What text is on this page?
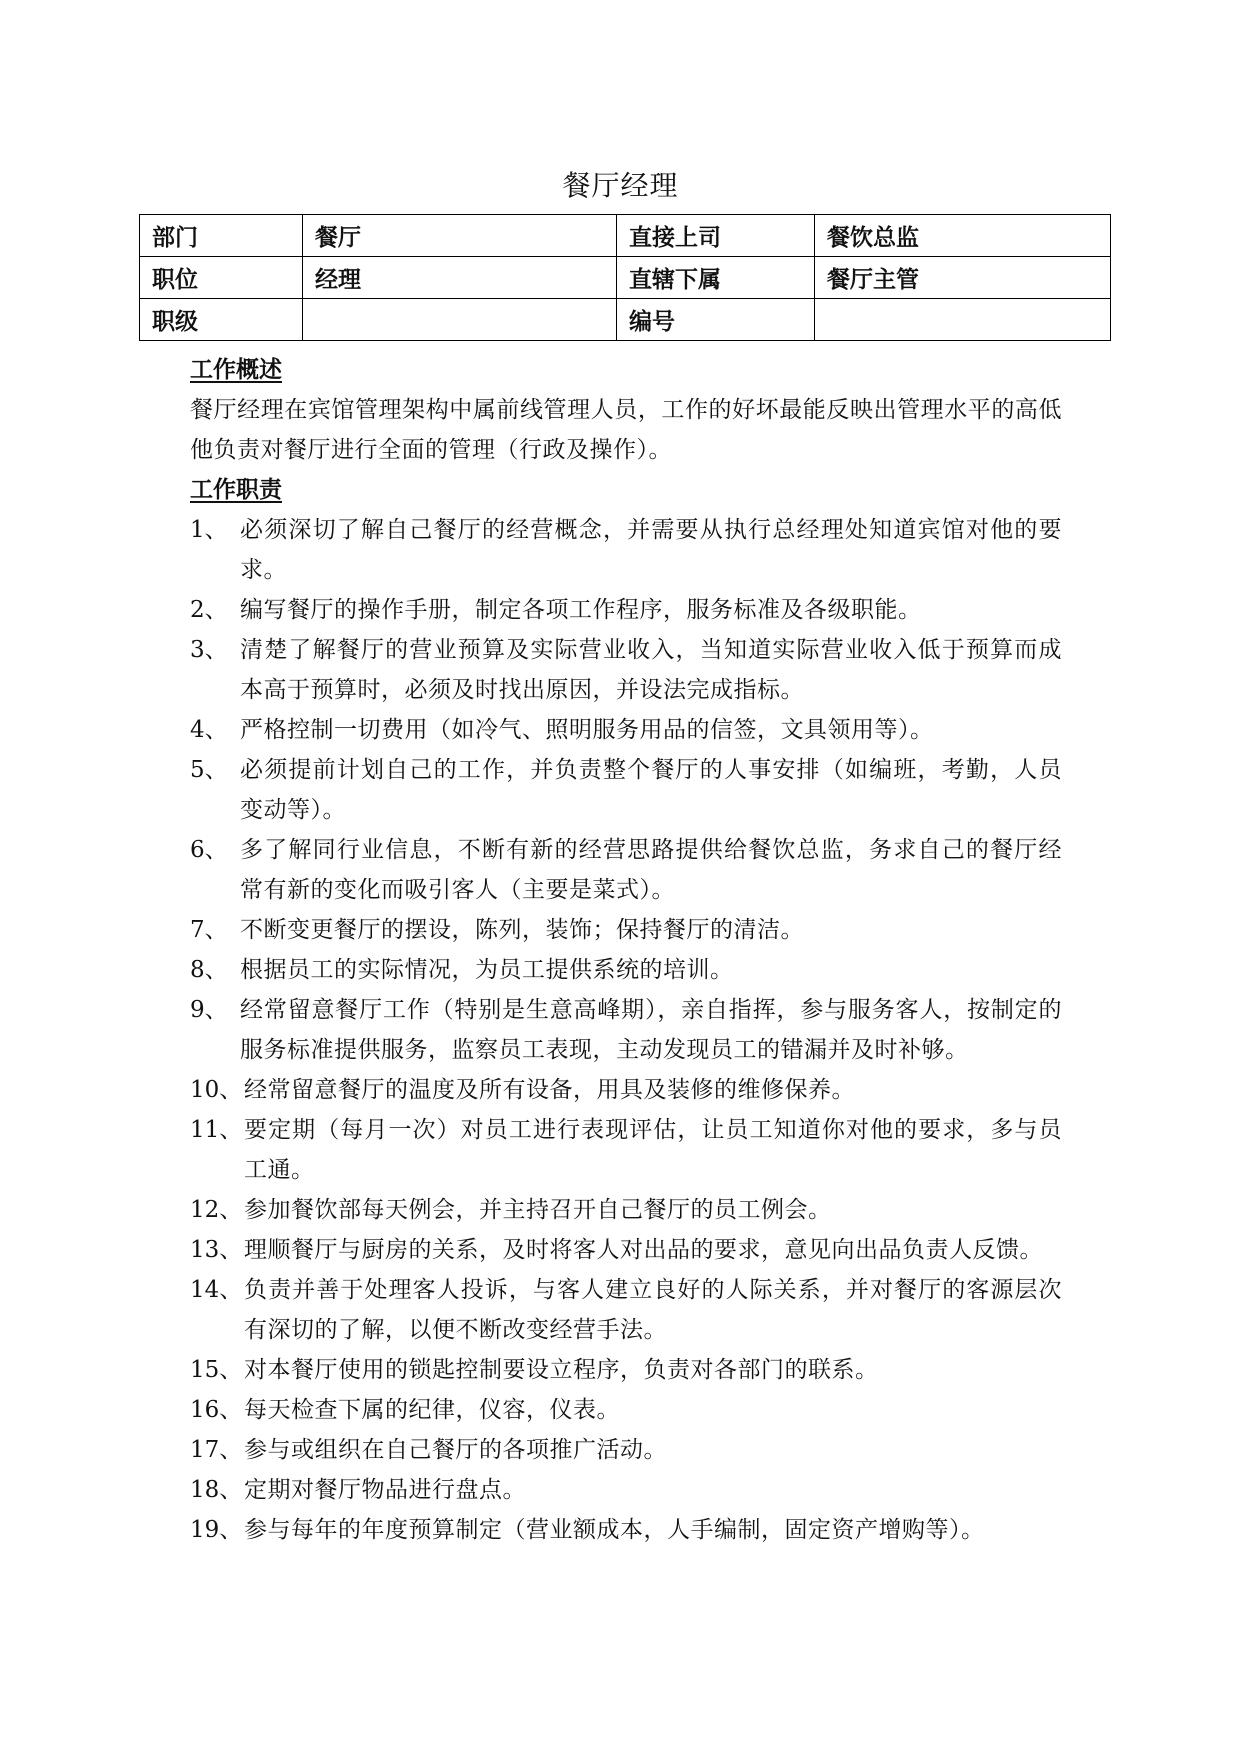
餐厅经理
部门	餐厅	直接上司	餐饮总监
职位	经理	直辖下属	餐厅主管
职级		编号	
工作概述
餐厅经理在宾馆管理架构中属前线管理人员，工作的好坏最能反映出管理水平的高低他负责对餐厅进行全面的管理（行政及操作）。
工作职责
1、 必须深切了解自己餐厅的经营概念，并需要从执行总经理处知道宾馆对他的要求。
2、 编写餐厅的操作手册，制定各项工作程序，服务标准及各级职能。
3、 清楚了解餐厅的营业预算及实际营业收入，当知道实际营业收入低于预算而成本高于预算时，必须及时找出原因，并设法完成指标。
4、 严格控制一切费用（如冷气、照明服务用品的信签，文具领用等）。
5、 必须提前计划自己的工作，并负责整个餐厅的人事安排（如编班，考勤，人员变动等）。
6、 多了解同行业信息，不断有新的经营思路提供给餐饮总监，务求自己的餐厅经常有新的变化而吸引客人（主要是菜式）。
7、 不断变更餐厅的摆设，陈列，装饰；保持餐厅的清洁。
8、 根据员工的实际情况，为员工提供系统的培训。
9、 经常留意餐厅工作（特别是生意高峰期），亲自指挥，参与服务客人，按制定的服务标准提供服务，监察员工表现，主动发现员工的错漏并及时补够。
10、 经常留意餐厅的温度及所有设备，用具及装修的维修保养。
11、 要定期（每月一次）对员工进行表现评估，让员工知道你对他的要求，多与员工通。
12、 参加餐饮部每天例会，并主持召开自己餐厅的员工例会。
13、 理顺餐厅与厨房的关系，及时将客人对出品的要求，意见向出品负责人反馈。
14、 负责并善于处理客人投诉，与客人建立良好的人际关系，并对餐厅的客源层次有深切的了解，以便不断改变经营手法。
15、 对本餐厅使用的锁匙控制要设立程序，负责对各部门的联系。
16、 每天检查下属的纪律，仪容，仪表。
17、 参与或组织在自己餐厅的各项推广活动。
18、 定期对餐厅物品进行盘点。
19、 参与每年的年度预算制定（营业额成本，人手编制，固定资产增购等）。
